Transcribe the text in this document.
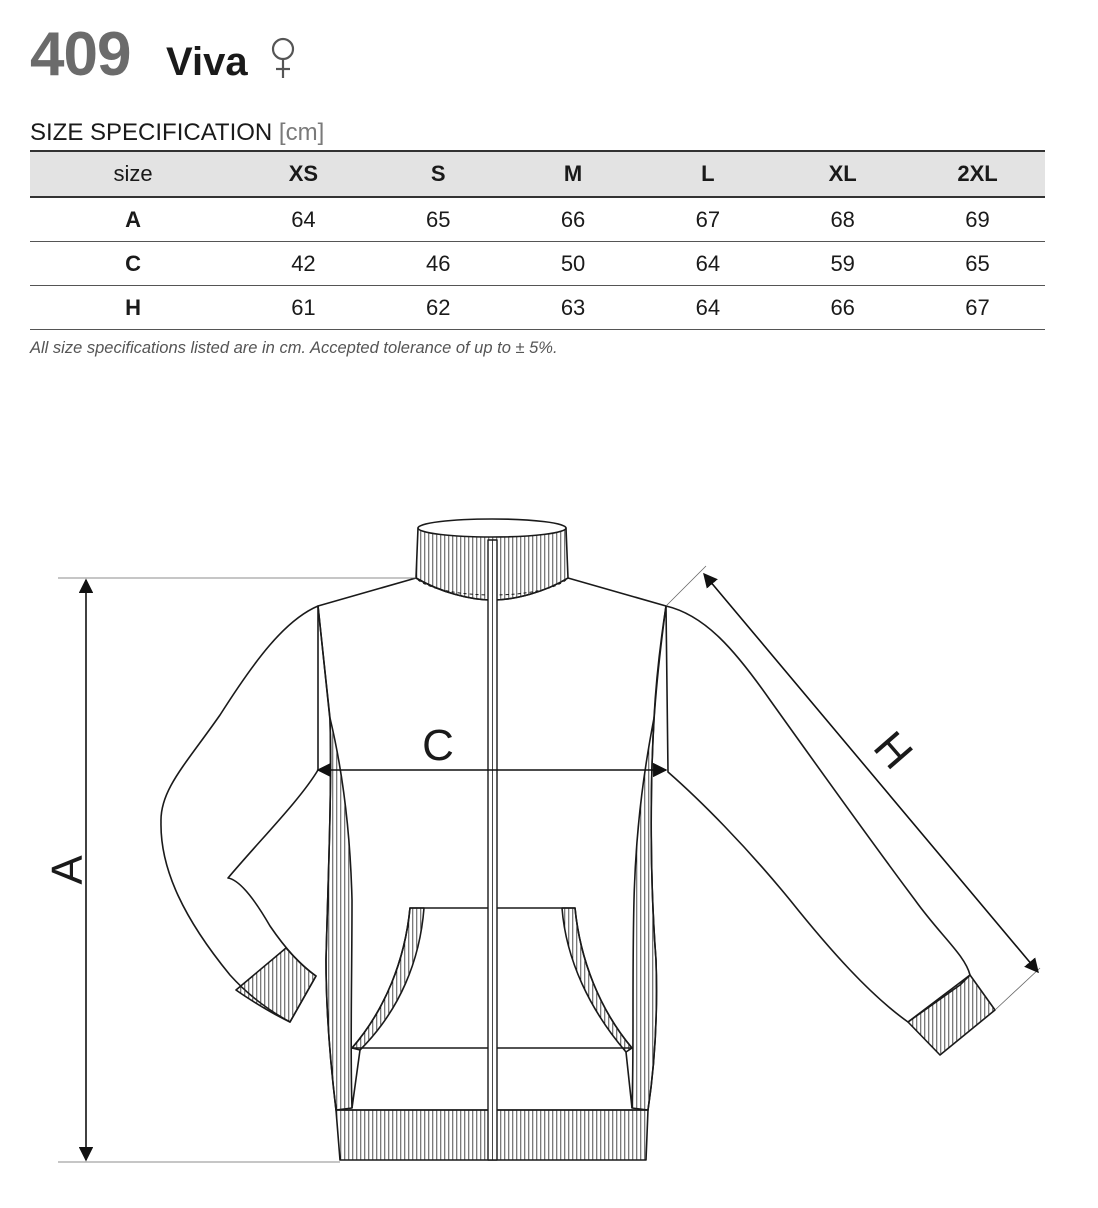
409 Viva
SIZE SPECIFICATION [cm]
size	XS	S	M	L	XL	2XL
A	64	65	66	67	68	69
C	42	46	50	64	59	65
H	61	62	63	64	66	67
All size specifications listed are in cm. Accepted tolerance of up to ± 5%.
A
C	H
